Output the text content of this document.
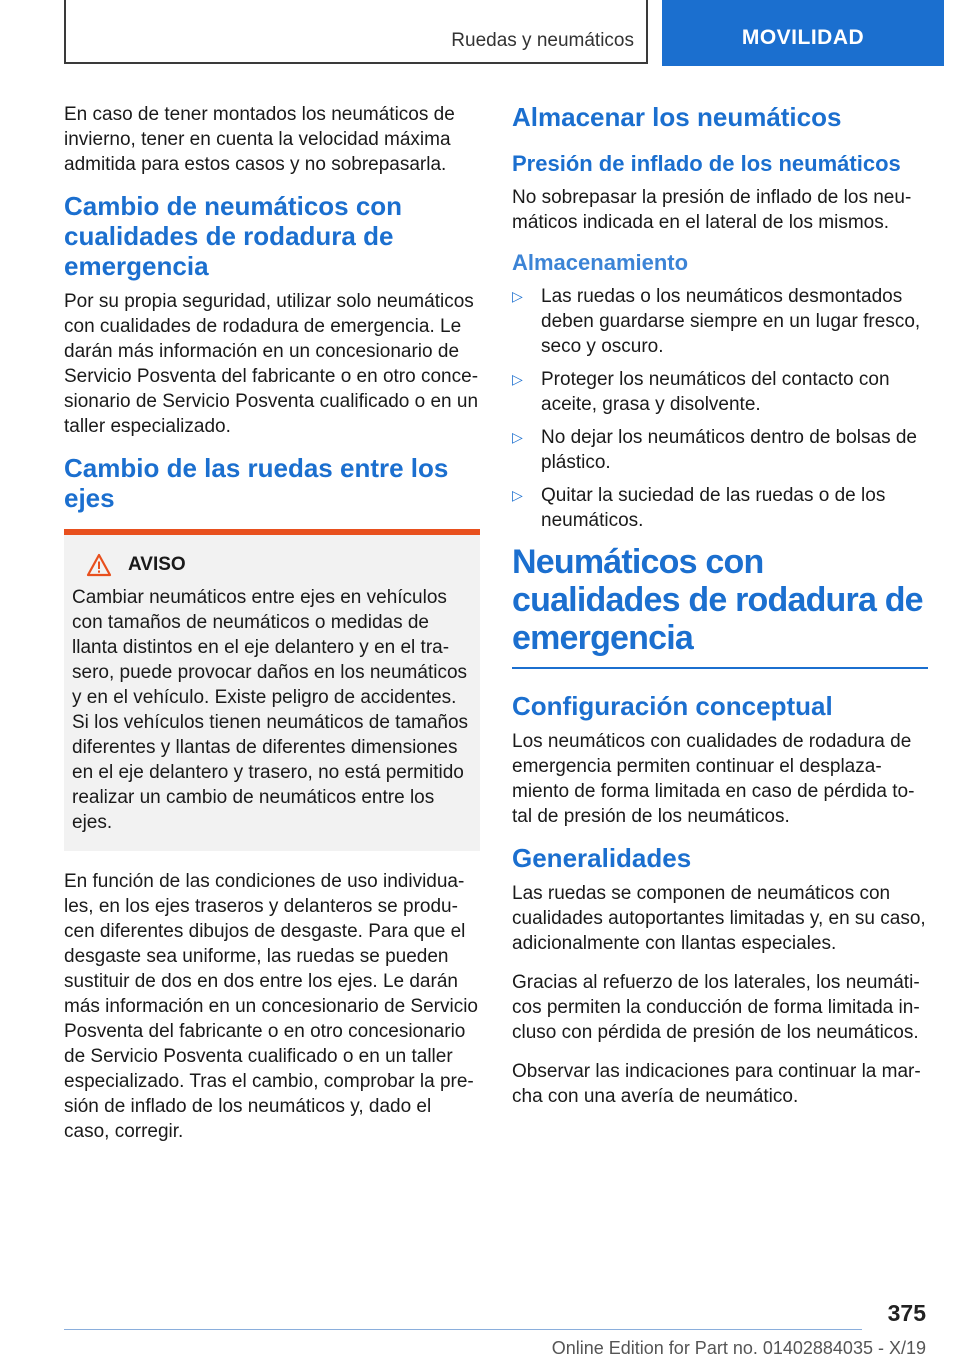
Ruedas y neumáticos	MOVILIDAD

En caso de tener montados los neumáticos de invierno, tener en cuenta la velocidad máxima admitida para estos casos y no sobrepasarla.

Cambio de neumáticos con cualidades de rodadura de emergencia

Por su propia seguridad, utilizar solo neumáticos con cualidades de rodadura de emergencia. Le darán más información en un concesionario de Servicio Posventa del fabricante o en otro concesionario de Servicio Posventa cualificado o en un taller especializado.

Cambio de las ruedas entre los ejes
AVISO

Cambiar neumáticos entre ejes en vehículos con tamaños de neumáticos o medidas de llanta distintos en el eje delantero y en el trasero, puede provocar daños en los neumáticos y en el vehículo. Existe peligro de accidentes. Si los vehículos tienen neumáticos de tamaños diferentes y llantas de diferentes dimensiones en el eje delantero y trasero, no está permitido realizar un cambio de neumáticos entre los ejes.

En función de las condiciones de uso individuales, en los ejes traseros y delanteros se producen diferentes dibujos de desgaste. Para que el desgaste sea uniforme, las ruedas se pueden sustituir de dos en dos entre los ejes. Le darán más información en un concesionario de Servicio Posventa del fabricante o en otro concesionario de Servicio Posventa cualificado o en un taller especializado. Tras el cambio, comprobar la presión de inflado de los neumáticos y, dado el caso, corregir.

Almacenar los neumáticos
Presión de inflado de los neumáticos

No sobrepasar la presión de inflado de los neumáticos indicada en el lateral de los mismos.

Almacenamiento
▷ Las ruedas o los neumáticos desmontados deben guardarse siempre en un lugar fresco, seco y oscuro.
▷ Proteger los neumáticos del contacto con aceite, grasa y disolvente.
▷ No dejar los neumáticos dentro de bolsas de plástico.
▷ Quitar la suciedad de las ruedas o de los neumáticos.
Neumáticos con cualidades de rodadura de emergencia
Configuración conceptual

Los neumáticos con cualidades de rodadura de emergencia permiten continuar el desplazamiento de forma limitada en caso de pérdida total de presión de los neumáticos.

Generalidades

Las ruedas se componen de neumáticos con cualidades autoportantes limitadas y, en su caso, adicionalmente con llantas especiales.

Gracias al refuerzo de los laterales, los neumáticos permiten la conducción de forma limitada incluso con pérdida de presión de los neumáticos.

Observar las indicaciones para continuar la marcha con una avería de neumático.

375
Online Edition for Part no. 01402884035 - X/19
